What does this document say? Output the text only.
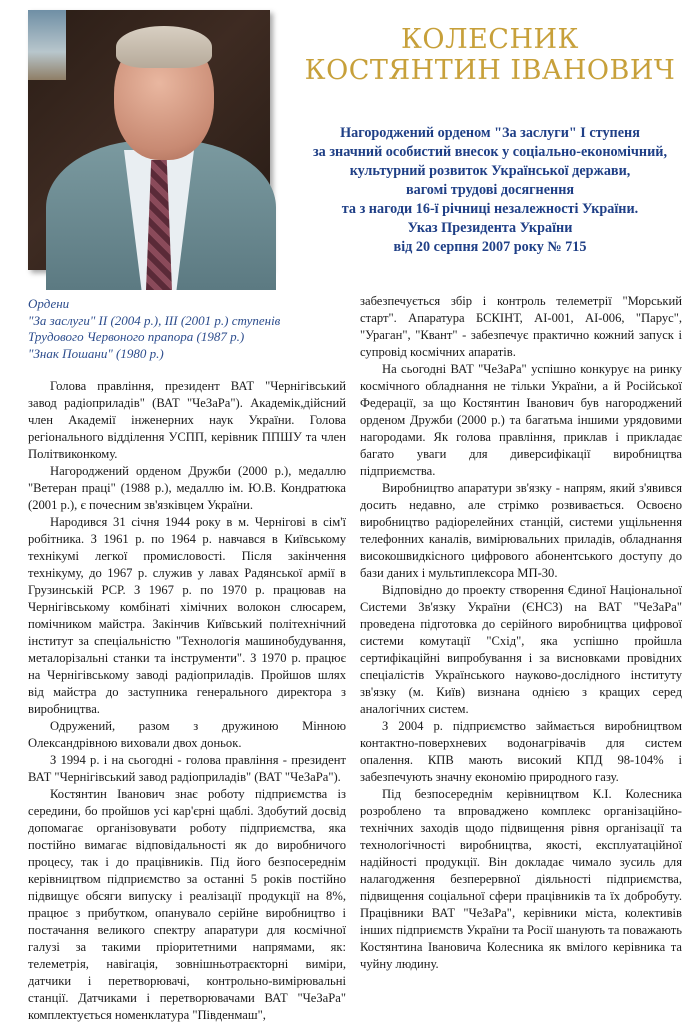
КОЛЕСНИК
КОСТЯНТИН ІВАНОВИЧ
Нагороджений орденом "За заслуги" І ступеня
за значний особистий внесок у соціально-економічний,
культурний розвиток Української держави,
вагомі трудові досягнення
та з нагоди 16-ї річниці незалежності України.
Указ Президента України
від 20 серпня 2007 року № 715
Ордени
"За заслуги" ІІ (2004 р.), ІІІ (2001 р.) ступенів
Трудового Червоного прапора (1987 р.)
"Знак Пошани" (1980 р.)

Голова правління, президент ВАТ "Чернігівський завод радіоприладів" (ВАТ "ЧеЗаРа"). Академік,дійсний член Академії інженерних наук України. Голова регіонального відділення УСПП, керівник ППШУ та член Політвиконкому.

Нагороджений орденом Дружби (2000 р.), медаллю "Ветеран праці" (1988 р.), медаллю ім. Ю.В. Кондратюка (2001 р.), є почесним зв'язківцем України.

Народився 31 січня 1944 року в м. Чернігові в сім'ї робітника. З 1961 р. по 1964 р. навчався в Київському технікумі легкої промисловості. Після закінчення технікуму, до 1967 р. служив у лавах Радянської армії в Грузинській РСР. З 1967 р. по 1970 р. працював на Чернігівському комбінаті хімічних волокон слюсарем, помічником майстра. Закінчив Київський політехнічний інститут за спеціальністю "Технологія машинобудування, металорізальні станки та інструменти". З 1970 р. працює на Чернігівському заводі радіоприладів. Пройшов шлях від майстра до заступника генерального директора з виробництва.

Одружений, разом з дружиною Мінною Олександрівною виховали двох доньок.

З 1994 р. і на сьогодні - голова правління - президент ВАТ "Чернігівський завод радіоприладів" (ВАТ "ЧеЗаРа").

Костянтин Іванович знає роботу підприємства із середини, бо пройшов усі кар'єрні щаблі. Здобутий досвід допомагає організовувати роботу підприємства, яка постійно вимагає відповідальності як до виробничого процесу, так і до працівників. Під його безпосереднім керівництвом підприємство за останні 5 років постійно підвищує обсяги випуску і реалізації продукції на 8%, працює з прибутком, опанувало серійне виробництво і постачання великого спектру апаратури для космічної галузі за такими пріоритетними напрямами, як: телеметрія, навігація, зовнішньотраєкторні виміри, датчики і перетворювачі, контрольно-вимірювальні станції. Датчиками і перетворювачами ВАТ "ЧеЗаРа" комплектується номенклатура "Південмаш",

забезпечується збір і контроль телеметрії "Морський старт". Апаратура БСКІНТ, АІ-001, АІ-006, "Парус", "Ураган", "Квант" - забезпечує практично кожний запуск і супровід космічних апаратів.

На сьогодні ВАТ "ЧеЗаРа" успішно конкурує на ринку космічного обладнання не тільки України, а й Російської Федерації, за що Костянтин Іванович був нагороджений орденом Дружби (2000 р.) та багатьма іншими урядовими нагородами. Як голова правління, приклав і прикладає багато уваги для диверсифікації виробництва підприємства.

Виробництво апаратури зв'язку - напрям, який з'явився досить недавно, але стрімко розвивається. Освоєно виробництво радіорелейних станцій, системи ущільнення телефонних каналів, вимірювальних приладів, обладнання високошвидкісного цифрового абонентського доступу до бази даних і мультиплексора МП-30.

Відповідно до проекту створення Єдиної Національної Системи Зв'язку України (ЄНСЗ) на ВАТ "ЧеЗаРа" проведена підготовка до серійного виробництва цифрової системи комутації "Схід", яка успішно пройшла сертифікаційні випробування і за висновками провідних спеціалістів Українського науково-дослідного інституту зв'язку (м. Київ) визнана однією з кращих серед аналогічних систем.

З 2004 р. підприємство займається виробництвом контактно-поверхневих водонагрівачів для систем опалення. КПВ мають високий КПД 98-104% і забезпечують значну економію природного газу.

Під безпосереднім керівництвом К.І. Колесника розроблено та впроваджено комплекс організаційно-технічних заходів щодо підвищення рівня організації та технологічності виробництва, якості, експлуатаційної надійності продукції. Він докладає чимало зусиль для налагодження безперервної діяльності підприємства, підвищення соціальної сфери працівників та їх добробуту. Працівники ВАТ "ЧеЗаРа", керівники міста, колективів інших підприємств України та Росії шанують та поважають Костянтина Івановича Колесника як вмілого керівника та чуйну людину.
